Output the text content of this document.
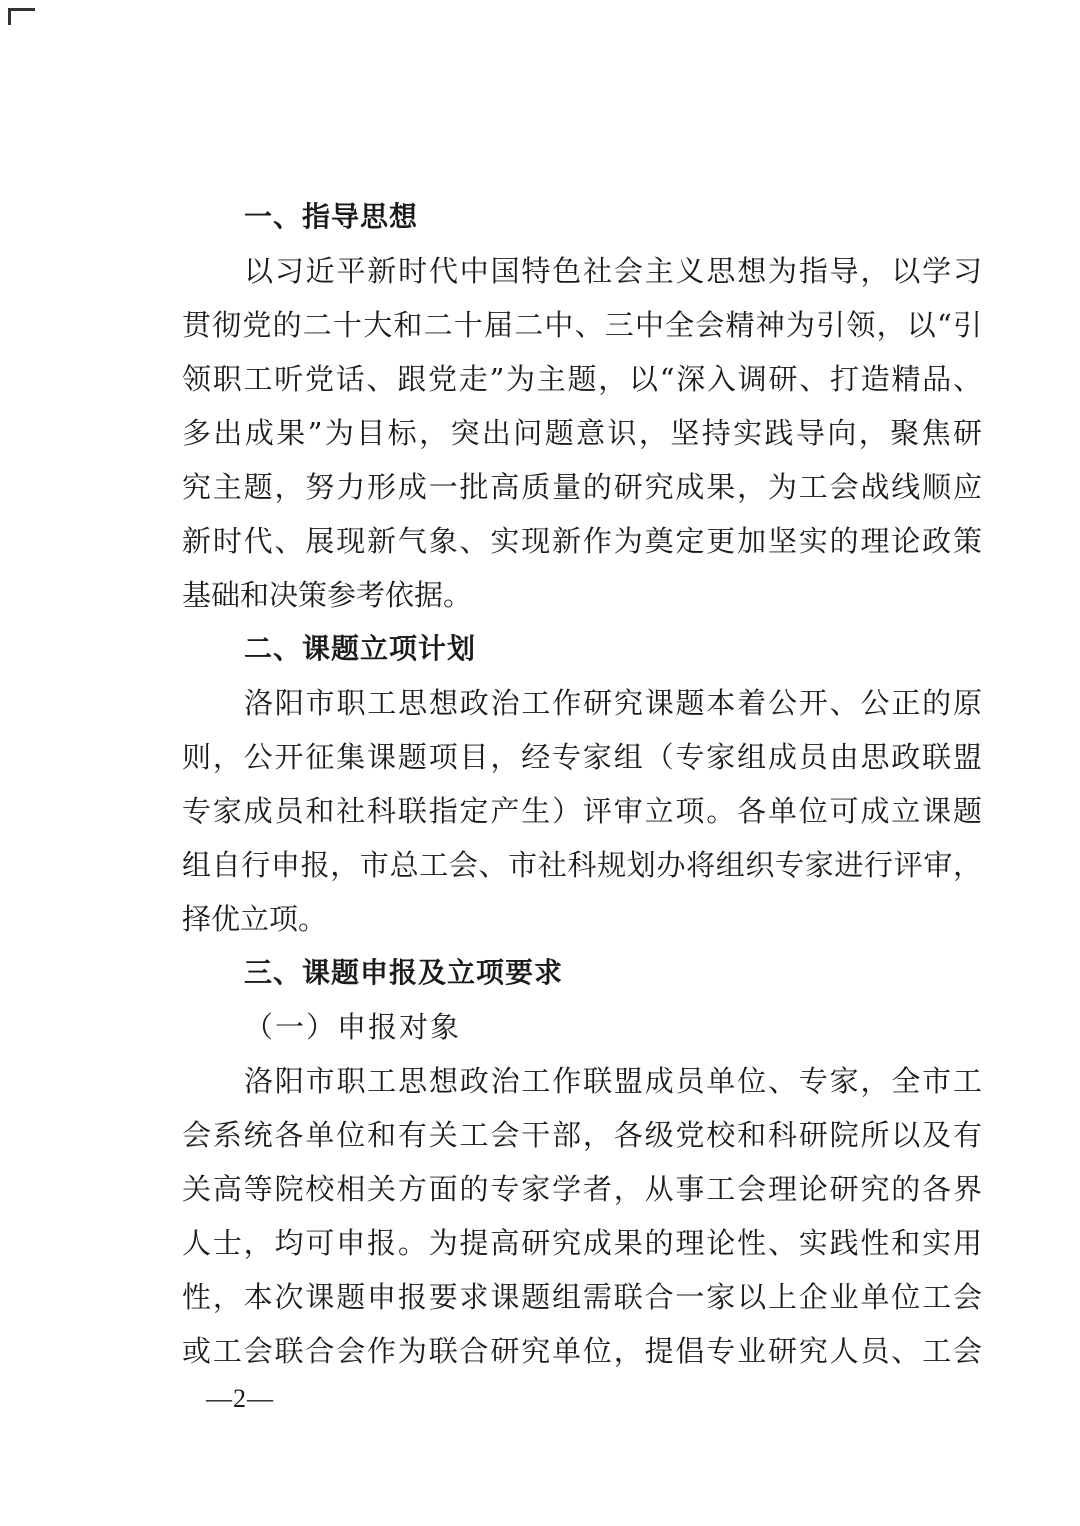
一、指导思想
以习近平新时代中国特色社会主义思想为指导，以学习
贯彻党的二十大和二十届二中、三中全会精神为引领，以“引
领职工听党话、跟党走”为主题，以“深入调研、打造精品、
多出成果”为目标，突出问题意识，坚持实践导向，聚焦研
究主题，努力形成一批高质量的研究成果，为工会战线顺应
新时代、展现新气象、实现新作为奠定更加坚实的理论政策
基础和决策参考依据。
二、课题立项计划
洛阳市职工思想政治工作研究课题本着公开、公正的原
则，公开征集课题项目，经专家组（专家组成员由思政联盟
专家成员和社科联指定产生）评审立项。各单位可成立课题
组自行申报，市总工会、市社科规划办将组织专家进行评审，
择优立项。
三、课题申报及立项要求
（一）申报对象
洛阳市职工思想政治工作联盟成员单位、专家，全市工
会系统各单位和有关工会干部，各级党校和科研院所以及有
关高等院校相关方面的专家学者，从事工会理论研究的各界
人士，均可申报。为提高研究成果的理论性、实践性和实用
性，本次课题申报要求课题组需联合一家以上企业单位工会
或工会联合会作为联合研究单位，提倡专业研究人员、工会
—2—
